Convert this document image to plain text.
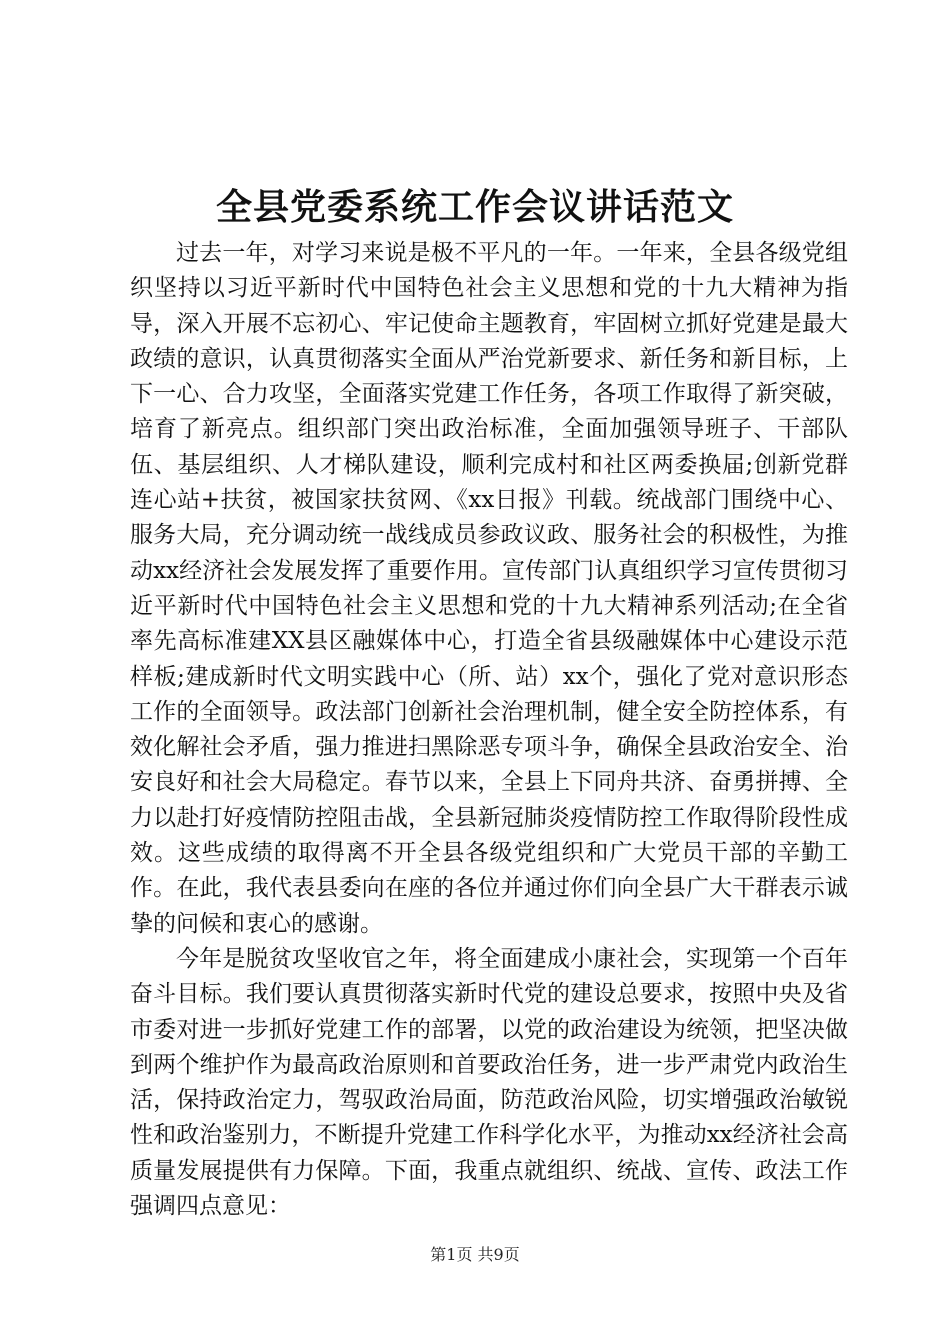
全县党委系统工作会议讲话范文

过去一年，对学习来说是极不平凡的一年。一年来，全县各级党组织坚持以习近平新时代中国特色社会主义思想和党的十九大精神为指导，深入开展不忘初心、牢记使命主题教育，牢固树立抓好党建是最大政绩的意识，认真贯彻落实全面从严治党新要求、新任务和新目标，上下一心、合力攻坚，全面落实党建工作任务，各项工作取得了新突破，培育了新亮点。组织部门突出政治标准，全面加强领导班子、干部队伍、基层组织、人才梯队建设，顺利完成村和社区两委换届;创新党群连心站+扶贫，被国家扶贫网、《xx日报》刊载。统战部门围绕中心、服务大局，充分调动统一战线成员参政议政、服务社会的积极性，为推动xx经济社会发展发挥了重要作用。宣传部门认真组织学习宣传贯彻习近平新时代中国特色社会主义思想和党的十九大精神系列活动;在全省率先高标准建XX县区融媒体中心，打造全省县级融媒体中心建设示范样板;建成新时代文明实践中心（所、站）xx个，强化了党对意识形态工作的全面领导。政法部门创新社会治理机制，健全安全防控体系，有效化解社会矛盾，强力推进扫黑除恶专项斗争，确保全县政治安全、治安良好和社会大局稳定。春节以来，全县上下同舟共济、奋勇拼搏、全力以赴打好疫情防控阻击战，全县新冠肺炎疫情防控工作取得阶段性成效。这些成绩的取得离不开全县各级党组织和广大党员干部的辛勤工作。在此，我代表县委向在座的各位并通过你们向全县广大干群表示诚挚的问候和衷心的感谢。

今年是脱贫攻坚收官之年，将全面建成小康社会，实现第一个百年奋斗目标。我们要认真贯彻落实新时代党的建设总要求，按照中央及省市委对进一步抓好党建工作的部署，以党的政治建设为统领，把坚决做到两个维护作为最高政治原则和首要政治任务，进一步严肃党内政治生活，保持政治定力，驾驭政治局面，防范政治风险，切实增强政治敏锐性和政治鉴别力，不断提升党建工作科学化水平，为推动xx经济社会高质量发展提供有力保障。下面，我重点就组织、统战、宣传、政法工作强调四点意见：

第1页 共9页
